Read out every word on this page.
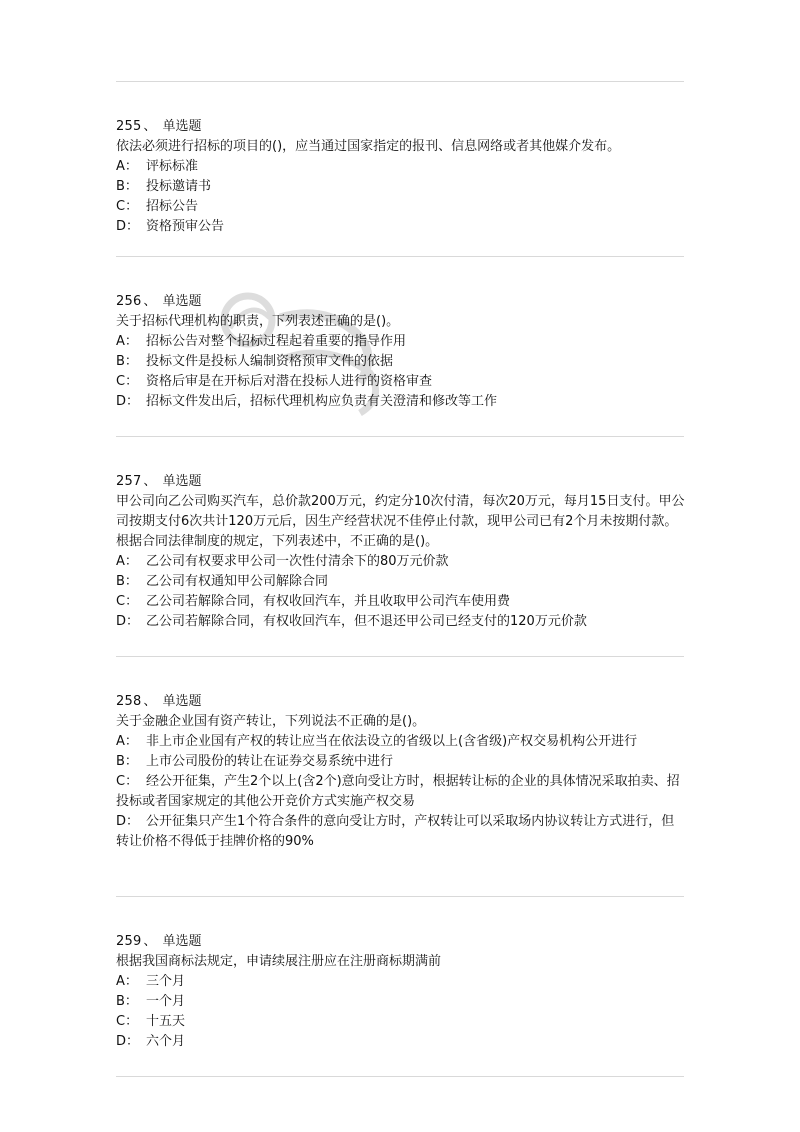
255 、 单选题
依法必须进行招标的项目的()，应当通过国家指定的报刊、信息网络或者其他媒介发布。
A： 评标标准
B： 投标邀请书
C： 招标公告
D： 资格预审公告
256 、 单选题
关于招标代理机构的职责，下列表述正确的是()。
A： 招标公告对整个招标过程起着重要的指导作用
B： 投标文件是投标人编制资格预审文件的依据
C： 资格后审是在开标后对潜在投标人进行的资格审查
D： 招标文件发出后，招标代理机构应负责有关澄清和修改等工作
257 、 单选题
甲公司向乙公司购买汽车，总价款200万元，约定分10次付清，每次20万元，每月15日支付。甲公司按期支付6次共计120万元后，因生产经营状况不佳停止付款，现甲公司已有2个月未按期付款。根据合同法律制度的规定，下列表述中，不正确的是()。
A： 乙公司有权要求甲公司一次性付清余下的80万元价款
B： 乙公司有权通知甲公司解除合同
C： 乙公司若解除合同，有权收回汽车，并且收取甲公司汽车使用费
D： 乙公司若解除合同，有权收回汽车，但不退还甲公司已经支付的120万元价款
258 、 单选题
关于金融企业国有资产转让，下列说法不正确的是()。
A： 非上市企业国有产权的转让应当在依法设立的省级以上(含省级)产权交易机构公开进行
B： 上市公司股份的转让在证券交易系统中进行
C： 经公开征集，产生2个以上(含2个)意向受让方时，根据转让标的企业的具体情况采取拍卖、招投标或者国家规定的其他公开竞价方式实施产权交易
D： 公开征集只产生1个符合条件的意向受让方时，产权转让可以采取场内协议转让方式进行，但转让价格不得低于挂牌价格的90%
259 、 单选题
根据我国商标法规定，申请续展注册应在注册商标期满前
A： 三个月
B： 一个月
C： 十五天
D： 六个月
